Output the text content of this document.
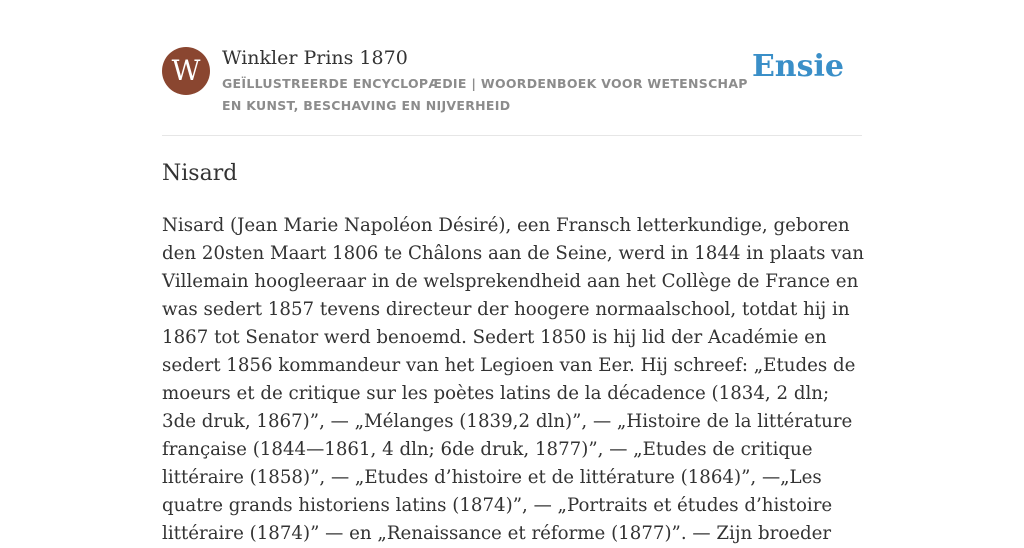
W	Winkler Prins 1870
GEÏLLUSTREERDE ENCYCLOPÆDIE | WOORDENBOEK VOOR WETENSCHAP EN KUNST, BESCHAVING EN NIJVERHEID
Ensie
Nisard

Nisard (Jean Marie Napoléon Désiré), een Fransch letterkundige, geboren den 20sten Maart 1806 te Châlons aan de Seine, werd in 1844 in plaats van Villemain hoogleeraar in de welsprekendheid aan het Collège de France en was sedert 1857 tevens directeur der hoogere normaalschool, totdat hij in 1867 tot Senator werd benoemd. Sedert 1850 is hij lid der Académie en sedert 1856 kommandeur van het Legioen van Eer. Hij schreef: „Etudes de moeurs et de critique sur les poètes latins de la décadence (1834, 2 dln; 3de druk, 1867)”, — „Mélanges (1839,2 dln)”, — „Histoire de la littérature française (1844—1861, 4 dln; 6de druk, 1877)”, — „Etudes de critique littéraire (1858)”, — „Etudes d’histoire et de littérature (1864)”, —„Les quatre grands historiens latins (1874)”, — „Portraits et études d’histoire littéraire (1874)” — en „Renaissance et réforme (1877)”. — Zijn broeder
